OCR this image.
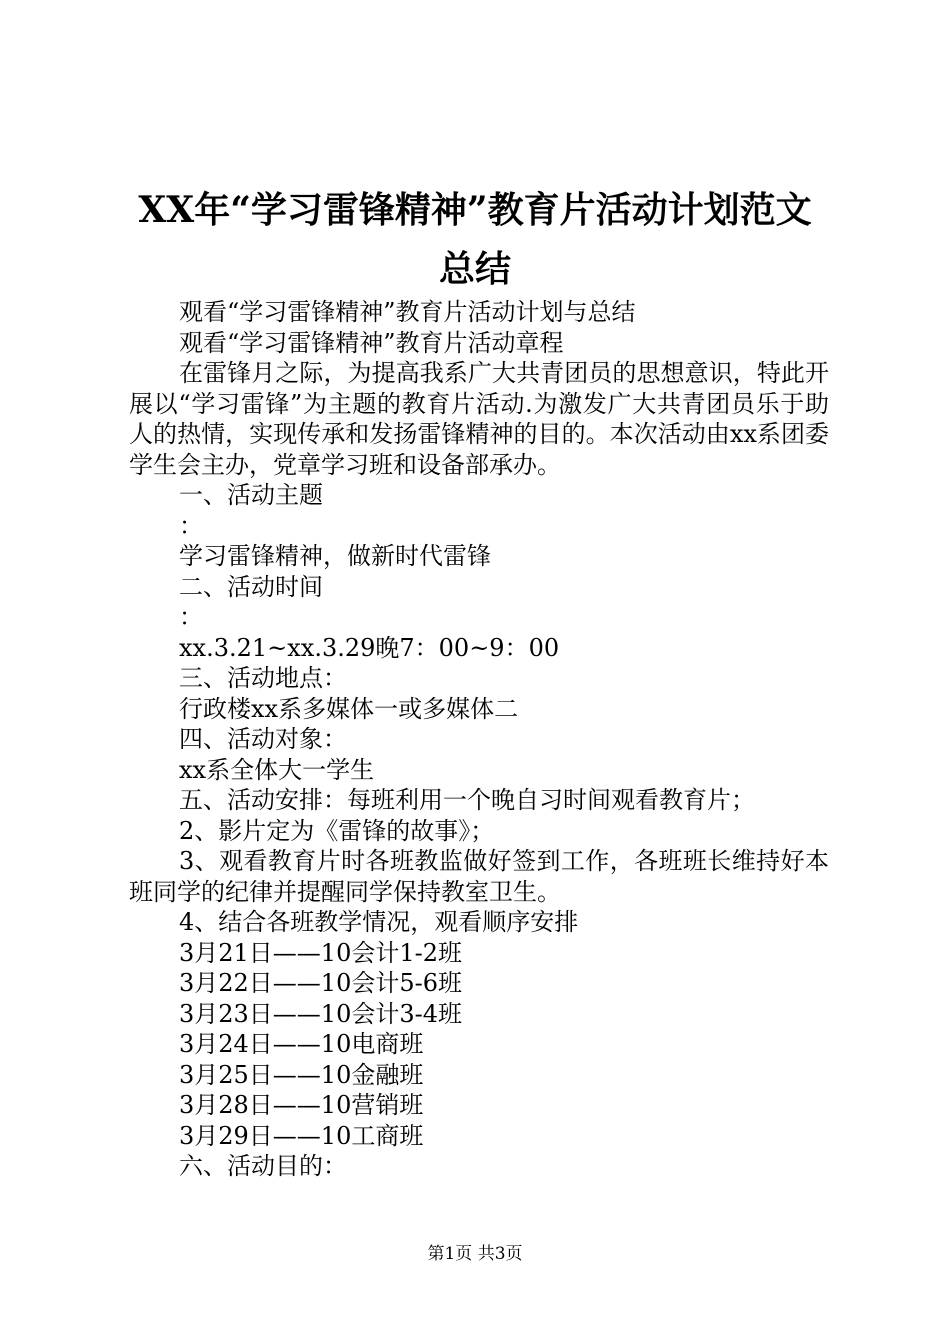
XX年“学习雷锋精神”教育片活动计划范文
总结

观看“学习雷锋精神”教育片活动计划与总结

观看“学习雷锋精神”教育片活动章程

在雷锋月之际，为提高我系广大共青团员的思想意识，特此开展以“学习雷锋”为主题的教育片活动.为激发广大共青团员乐于助人的热情，实现传承和发扬雷锋精神的目的。本次活动由xx系团委学生会主办，党章学习班和设备部承办。

一、活动主题

：

学习雷锋精神，做新时代雷锋

二、活动时间

：

xx.3.21~xx.3.29晚7：00~9：00

三、活动地点：

行政楼xx系多媒体一或多媒体二

四、活动对象：

xx系全体大一学生

五、活动安排：每班利用一个晚自习时间观看教育片；

2、影片定为《雷锋的故事》；

3、观看教育片时各班教监做好签到工作，各班班长维持好本班同学的纪律并提醒同学保持教室卫生。

4、结合各班教学情况，观看顺序安排

3月21日——10会计1-2班

3月22日——10会计5-6班

3月23日——10会计3-4班

3月24日——10电商班

3月25日——10金融班

3月28日——10营销班

3月29日——10工商班

六、活动目的：

第1页 共3页
